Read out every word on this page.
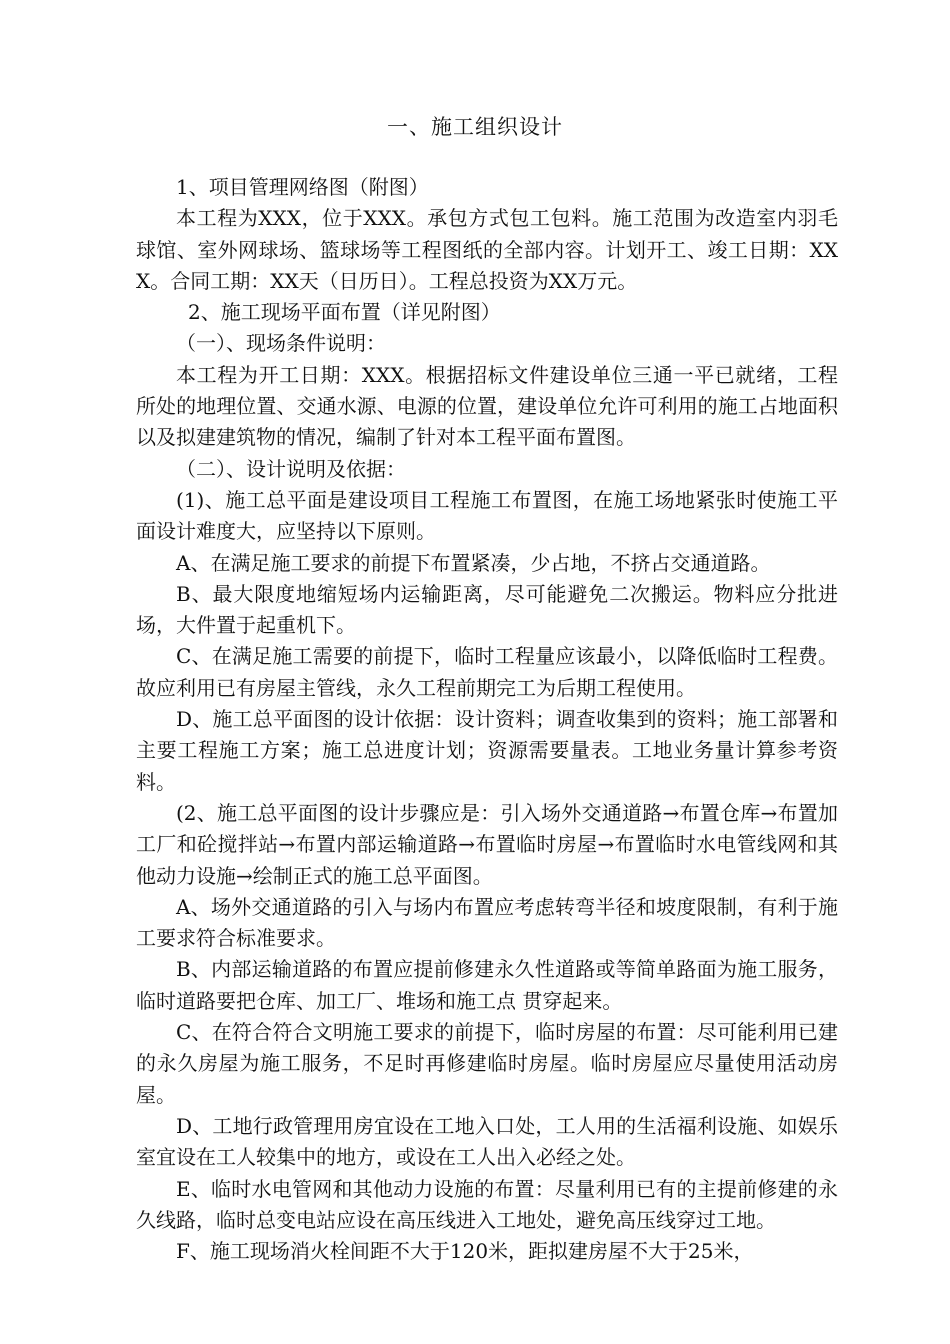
一、施工组织设计

1、项目管理网络图（附图）

本工程为XXX，位于XXX。承包方式包工包料。施工范围为改造室内羽毛球馆、室外网球场、篮球场等工程图纸的全部内容。计划开工、竣工日期：XXX。合同工期：XX天（日历日）。工程总投资为XX万元。

2、施工现场平面布置（详见附图）

（一）、现场条件说明：

本工程为开工日期：XXX。根据招标文件建设单位三通一平已就绪，工程所处的地理位置、交通水源、电源的位置，建设单位允许可利用的施工占地面积以及拟建建筑物的情况，编制了针对本工程平面布置图。

（二）、设计说明及依据：

(1)、施工总平面是建设项目工程施工布置图，在施工场地紧张时使施工平面设计难度大，应坚持以下原则。

A、在满足施工要求的前提下布置紧凑，少占地，不挤占交通道路。

B、最大限度地缩短场内运输距离，尽可能避免二次搬运。物料应分批进场，大件置于起重机下。

C、在满足施工需要的前提下，临时工程量应该最小，以降低临时工程费。故应利用已有房屋主管线，永久工程前期完工为后期工程使用。

D、施工总平面图的设计依据：设计资料；调查收集到的资料；施工部署和主要工程施工方案；施工总进度计划；资源需要量表。工地业务量计算参考资料。

(2、施工总平面图的设计步骤应是：引入场外交通道路→布置仓库→布置加工厂和砼搅拌站→布置内部运输道路→布置临时房屋→布置临时水电管线网和其他动力设施→绘制正式的施工总平面图。

A、场外交通道路的引入与场内布置应考虑转弯半径和坡度限制，有利于施工要求符合标准要求。

B、内部运输道路的布置应提前修建永久性道路或等简单路面为施工服务，临时道路要把仓库、加工厂、堆场和施工点 贯穿起来。

C、在符合符合文明施工要求的前提下，临时房屋的布置：尽可能利用已建的永久房屋为施工服务，不足时再修建临时房屋。临时房屋应尽量使用活动房屋。

D、工地行政管理用房宜设在工地入口处，工人用的生活福利设施、如娱乐室宜设在工人较集中的地方，或设在工人出入必经之处。

E、临时水电管网和其他动力设施的布置：尽量利用已有的主提前修建的永久线路，临时总变电站应设在高压线进入工地处，避免高压线穿过工地。

F、施工现场消火栓间距不大于120米，距拟建房屋不大于25米，
